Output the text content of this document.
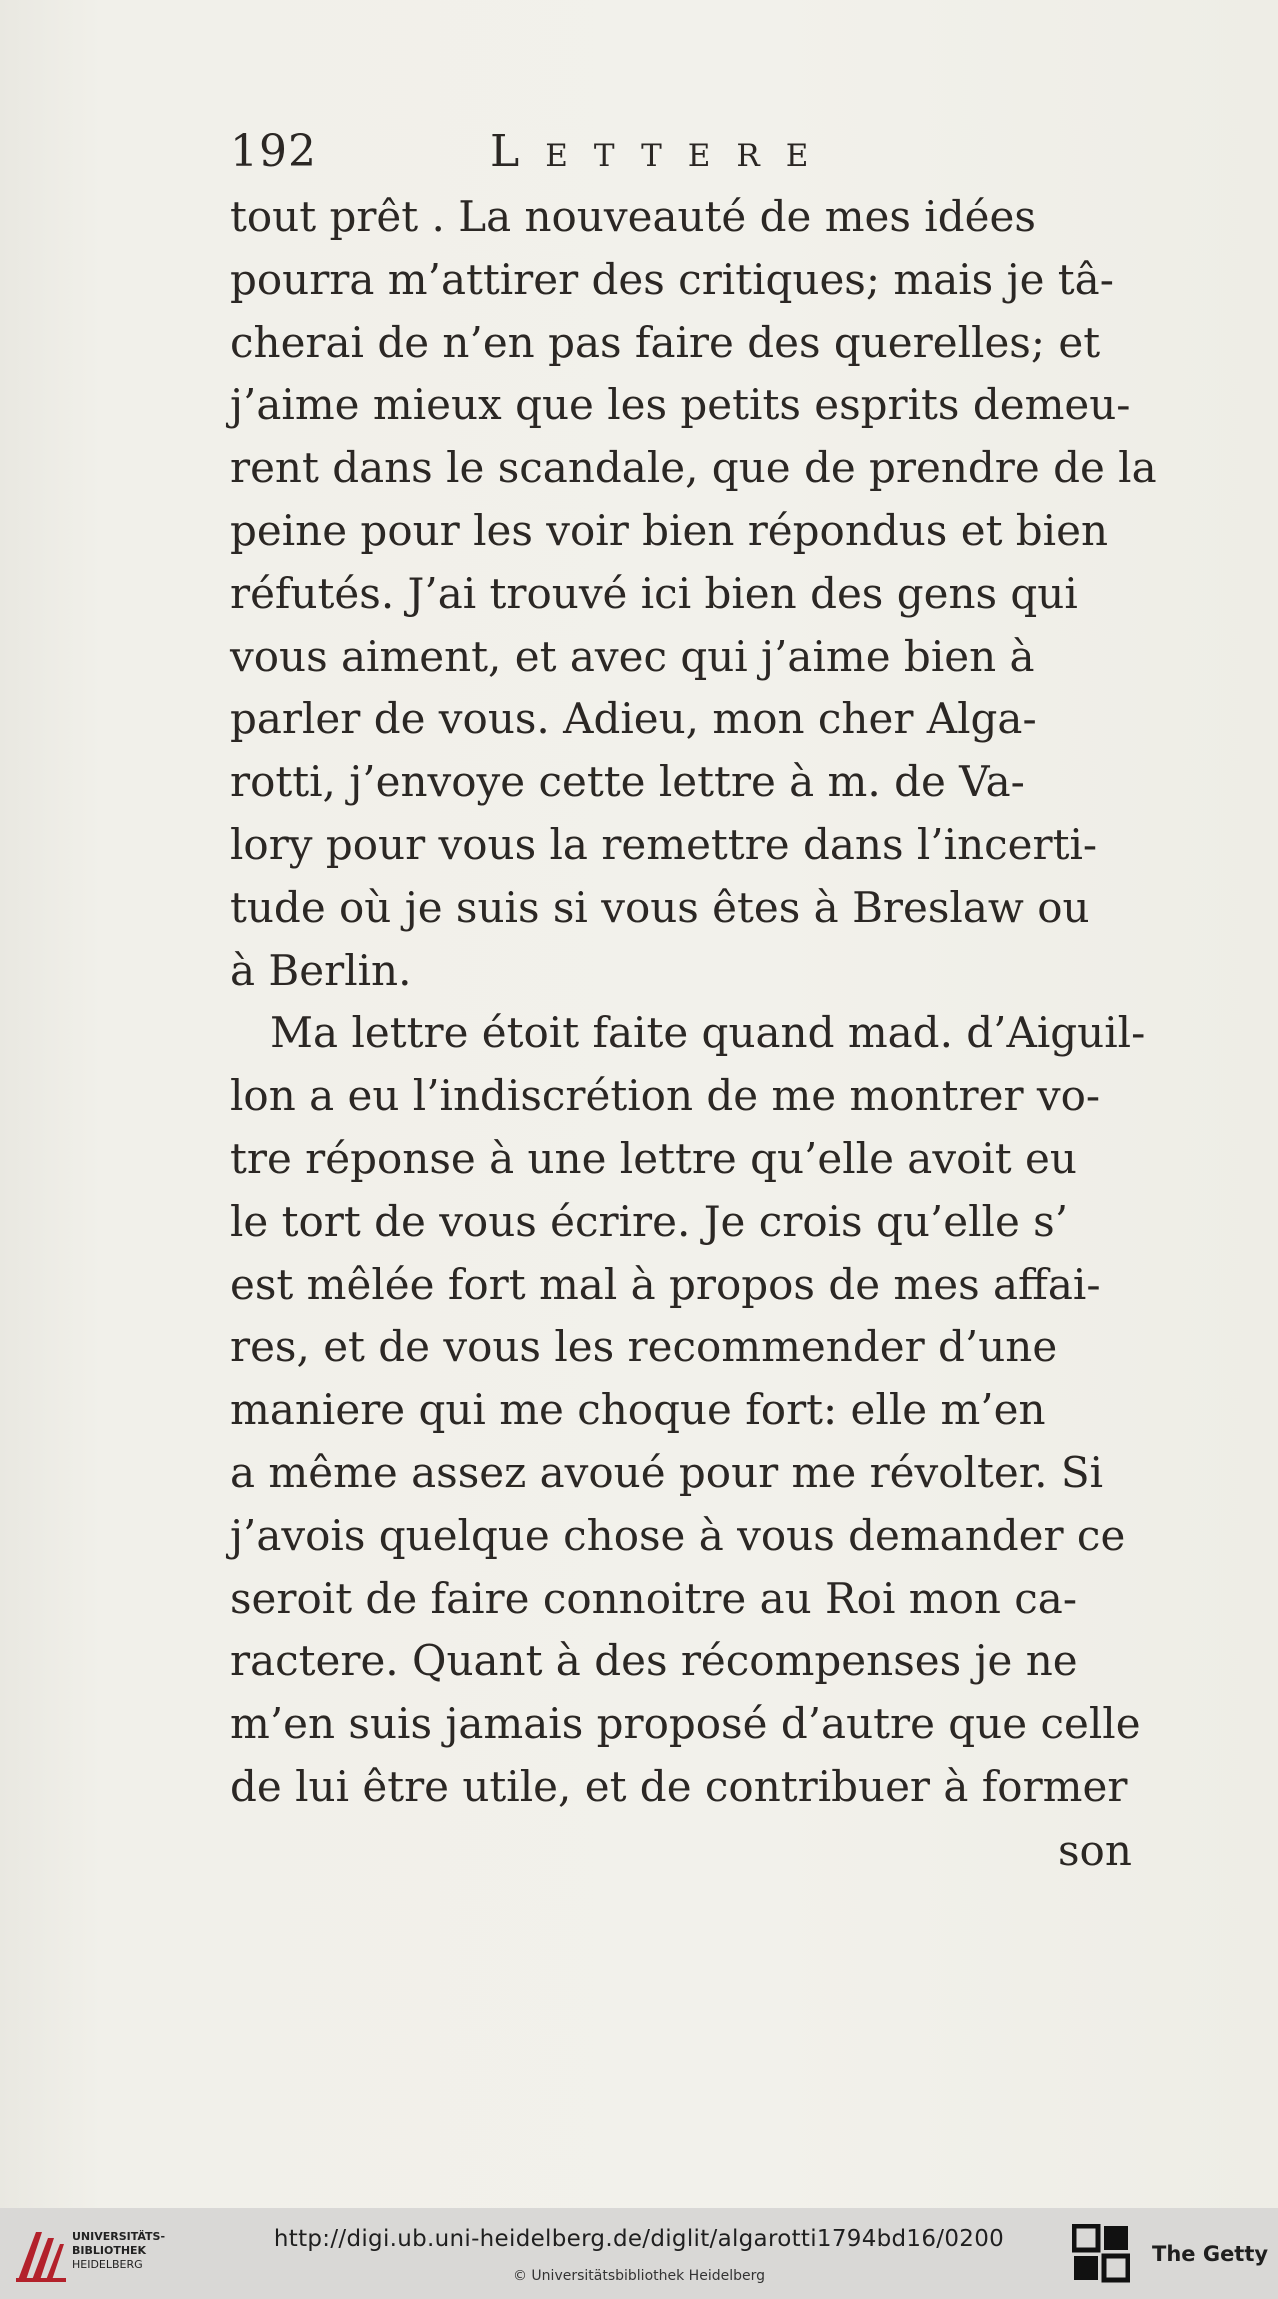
192	Lettere
tout prêt . La nouveauté de mes idées
pourra m’attirer des critiques; mais je tâ-
cherai de n’en pas faire des querelles; et
j’aime mieux que les petits esprits demeu-
rent dans le scandale, que de prendre de la
peine pour les voir bien répondus et bien
réfutés. J’ai trouvé ici bien des gens qui
vous aiment, et avec qui j’aime bien à
parler de vous. Adieu, mon cher Alga-
rotti, j’envoye cette lettre à m. de Va-
lory pour vous la remettre dans l’incerti-
tude où je suis si vous êtes à Breslaw ou
à Berlin.
Ma lettre étoit faite quand mad. d’Aiguil-
lon a eu l’indiscrétion de me montrer vo-
tre réponse à une lettre qu’elle avoit eu
le tort de vous écrire. Je crois qu’elle s’
est mêlée fort mal à propos de mes affai-
res, et de vous les recommender d’une
maniere qui me choque fort: elle m’en
a même assez avoué pour me révolter. Si
j’avois quelque chose à vous demander ce
seroit de faire connoitre au Roi mon ca-
ractere. Quant à des récompenses je ne
m’en suis jamais proposé d’autre que celle
de lui être utile, et de contribuer à former
son
UNIVERSITÄTS-
BIBLIOTHEK
HEIDELBERG
http://digi.ub.uni-heidelberg.de/diglit/algarotti1794bd16/0200
© Universitätsbibliothek Heidelberg
The Getty
